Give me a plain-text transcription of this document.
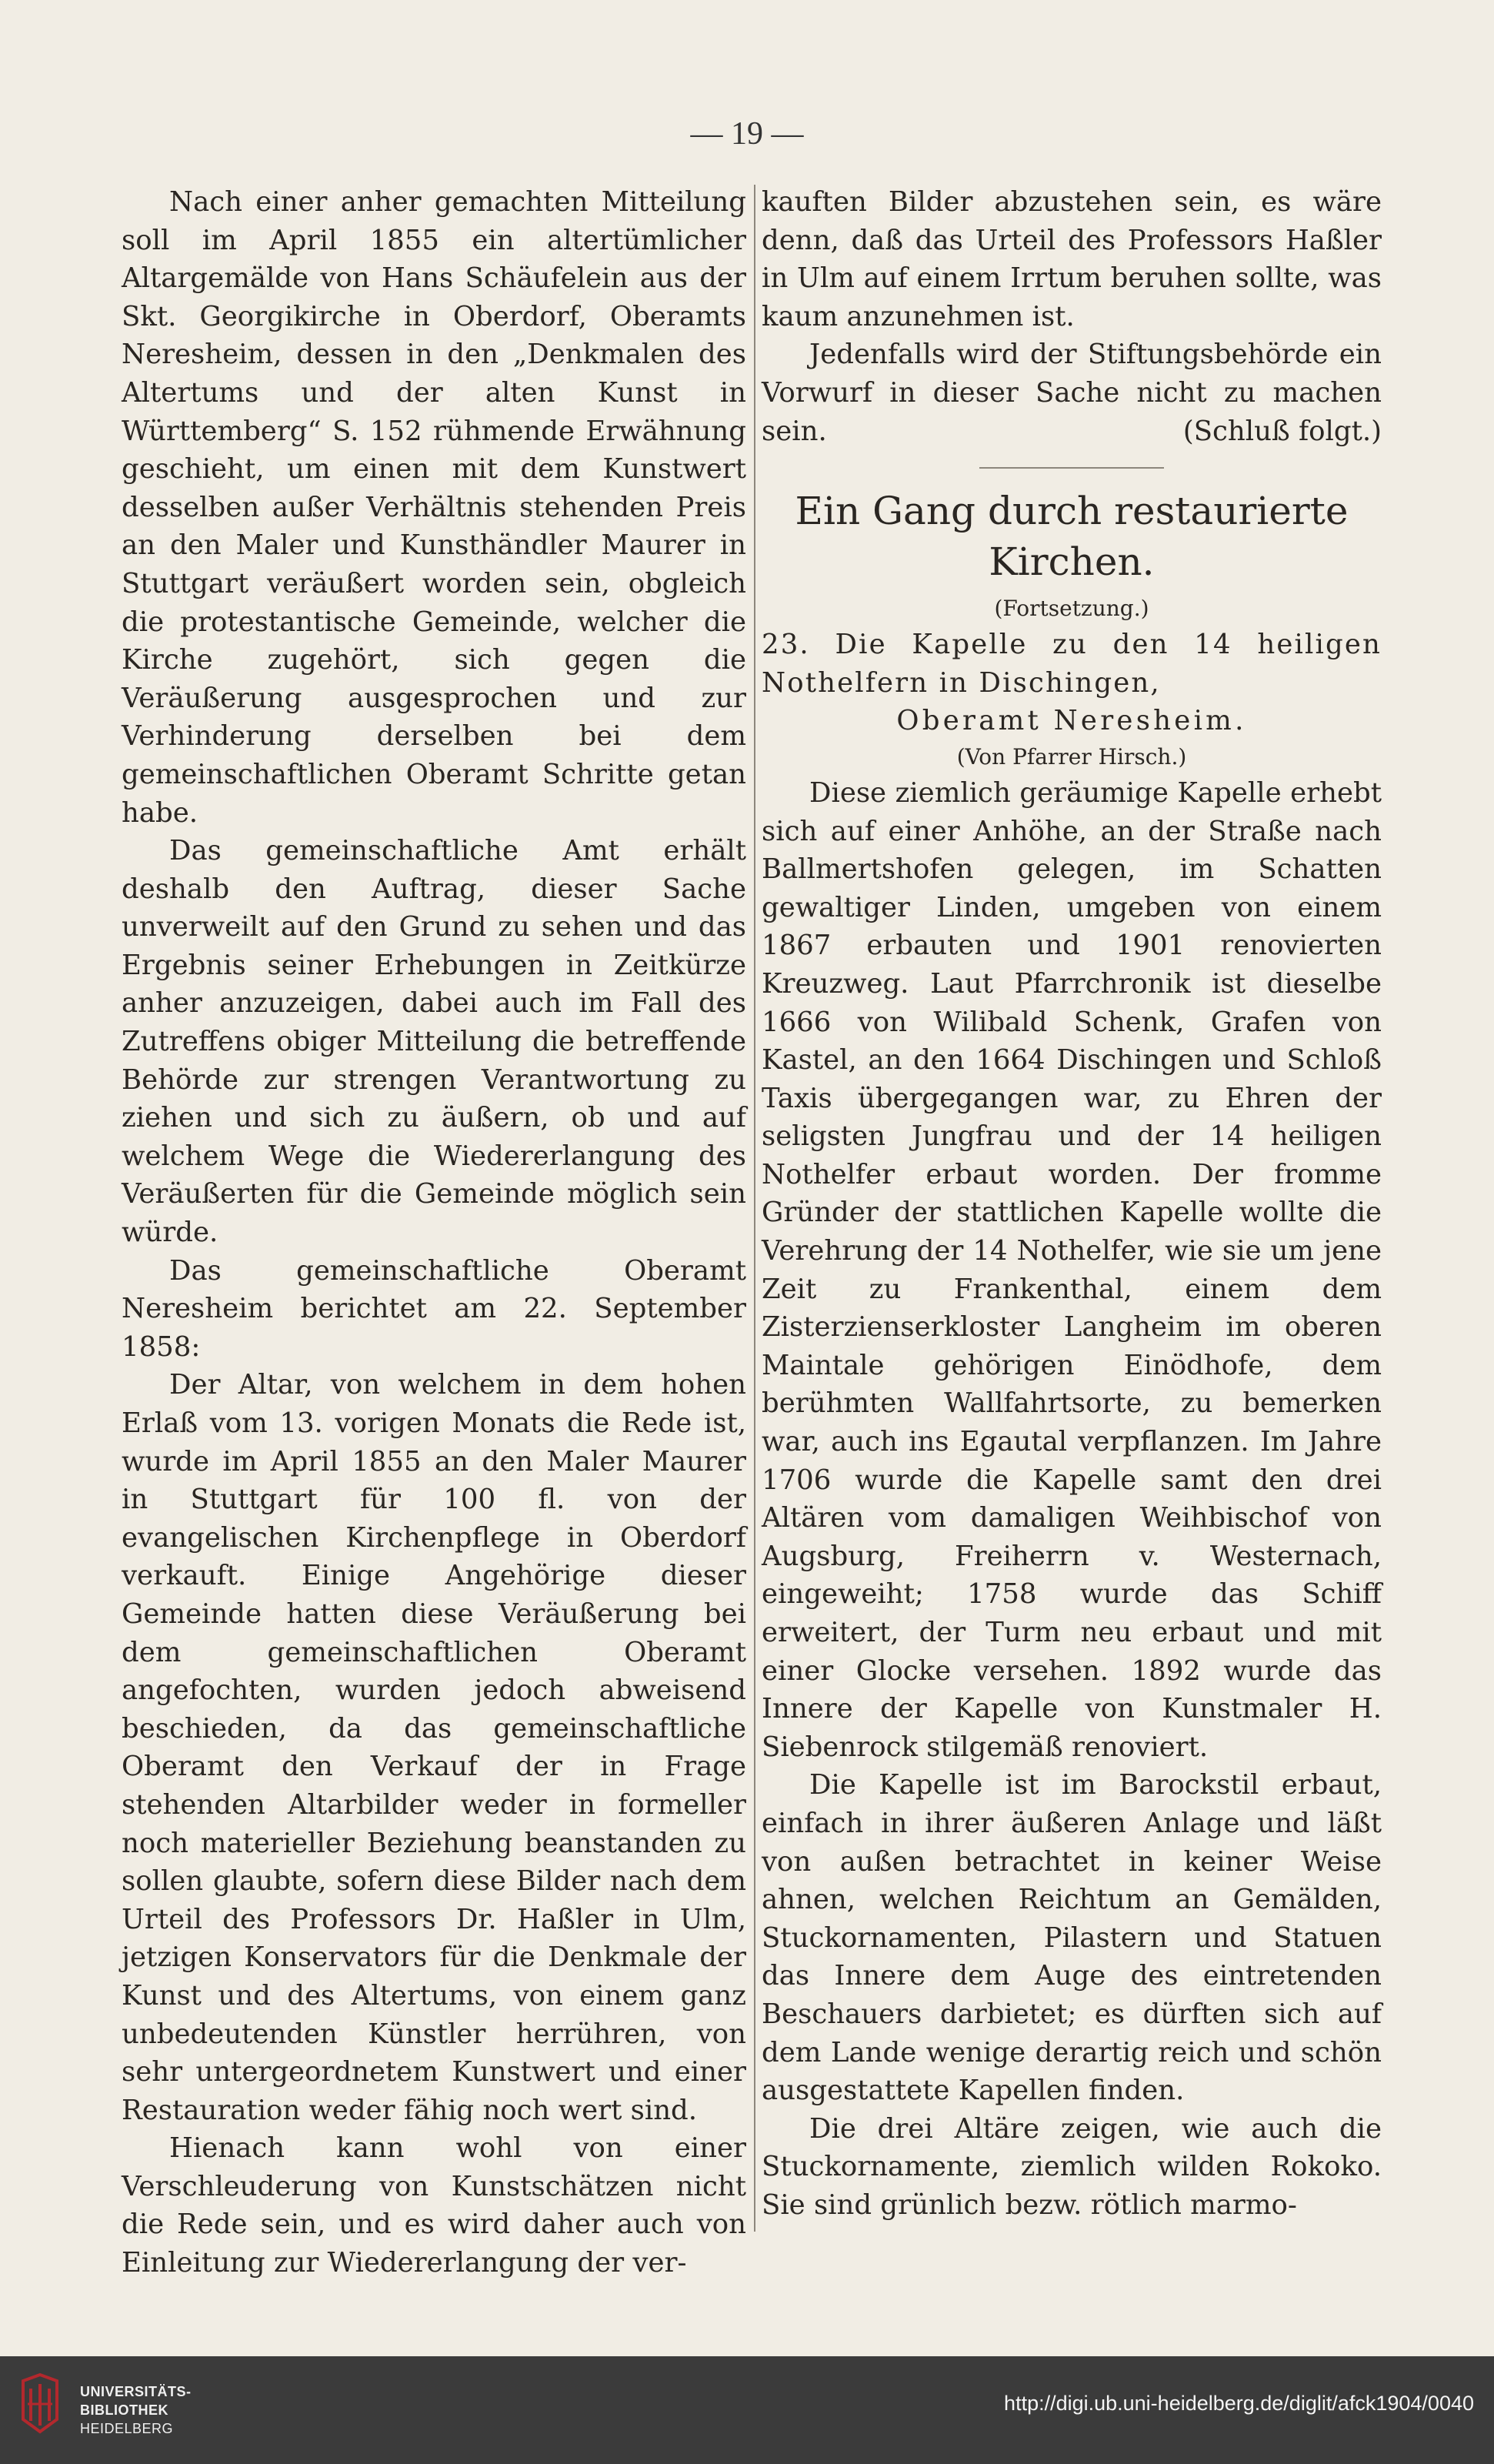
— 19 —

Nach einer anher gemachten Mitteilung soll im April 1855 ein altertümlicher Altargemälde von Hans Schäufelein aus der Skt. Georgikirche in Oberdorf, Oberamts Neresheim, dessen in den „Denkmalen des Altertums und der alten Kunst in Württemberg“ S. 152 rühmende Erwähnung geschieht, um einen mit dem Kunstwert desselben außer Verhältnis stehenden Preis an den Maler und Kunsthändler Maurer in Stuttgart veräußert worden sein, obgleich die protestantische Gemeinde, welcher die Kirche zugehört, sich gegen die Veräußerung ausgesprochen und zur Verhinderung derselben bei dem gemeinschaftlichen Oberamt Schritte getan habe.

Das gemeinschaftliche Amt erhält deshalb den Auftrag, dieser Sache unverweilt auf den Grund zu sehen und das Ergebnis seiner Erhebungen in Zeitkürze anher anzuzeigen, dabei auch im Fall des Zutreffens obiger Mitteilung die betreffende Behörde zur strengen Verantwortung zu ziehen und sich zu äußern, ob und auf welchem Wege die Wiedererlangung des Veräußerten für die Gemeinde möglich sein würde.

Das gemeinschaftliche Oberamt Neresheim berichtet am 22. September 1858:

Der Altar, von welchem in dem hohen Erlaß vom 13. vorigen Monats die Rede ist, wurde im April 1855 an den Maler Maurer in Stuttgart für 100 fl. von der evangelischen Kirchenpflege in Oberdorf verkauft. Einige Angehörige dieser Gemeinde hatten diese Veräußerung bei dem gemeinschaftlichen Oberamt angefochten, wurden jedoch abweisend beschieden, da das gemeinschaftliche Oberamt den Verkauf der in Frage stehenden Altarbilder weder in formeller noch materieller Beziehung beanstanden zu sollen glaubte, sofern diese Bilder nach dem Urteil des Professors Dr. Haßler in Ulm, jetzigen Konservators für die Denkmale der Kunst und des Altertums, von einem ganz unbedeutenden Künstler herrühren, von sehr untergeordnetem Kunstwert und einer Restauration weder fähig noch wert sind.

Hienach kann wohl von einer Verschleuderung von Kunstschätzen nicht die Rede sein, und es wird daher auch von Einleitung zur Wiedererlangung der ver-

kauften Bilder abzustehen sein, es wäre denn, daß das Urteil des Professors Haßler in Ulm auf einem Irrtum beruhen sollte, was kaum anzunehmen ist.

Jedenfalls wird der Stiftungsbehörde ein Vorwurf in dieser Sache nicht zu machen sein.	(Schluß folgt.)

Ein Gang durch restaurierte Kirchen.

(Fortsetzung.)

23. Die Kapelle zu den 14 heiligen Nothelfern in Dischingen,
Oberamt Neresheim.

(Von Pfarrer Hirsch.)

Diese ziemlich geräumige Kapelle erhebt sich auf einer Anhöhe, an der Straße nach Ballmertshofen gelegen, im Schatten gewaltiger Linden, umgeben von einem 1867 erbauten und 1901 renovierten Kreuzweg. Laut Pfarrchronik ist dieselbe 1666 von Wilibald Schenk, Grafen von Kastel, an den 1664 Dischingen und Schloß Taxis übergegangen war, zu Ehren der seligsten Jungfrau und der 14 heiligen Nothelfer erbaut worden. Der fromme Gründer der stattlichen Kapelle wollte die Verehrung der 14 Nothelfer, wie sie um jene Zeit zu Frankenthal, einem dem Zisterzienserkloster Langheim im oberen Maintale gehörigen Einödhofe, dem berühmten Wallfahrtsorte, zu bemerken war, auch ins Egautal verpflanzen. Im Jahre 1706 wurde die Kapelle samt den drei Altären vom damaligen Weihbischof von Augsburg, Freiherrn v. Westernach, eingeweiht; 1758 wurde das Schiff erweitert, der Turm neu erbaut und mit einer Glocke versehen. 1892 wurde das Innere der Kapelle von Kunstmaler H. Siebenrock stilgemäß renoviert.

Die Kapelle ist im Barockstil erbaut, einfach in ihrer äußeren Anlage und läßt von außen betrachtet in keiner Weise ahnen, welchen Reichtum an Gemälden, Stuckornamenten, Pilastern und Statuen das Innere dem Auge des eintretenden Beschauers darbietet; es dürften sich auf dem Lande wenige derartig reich und schön ausgestattete Kapellen finden.

Die drei Altäre zeigen, wie auch die Stuckornamente, ziemlich wilden Rokoko. Sie sind grünlich bezw. rötlich marmo-

UNIVERSITÄTS-
BIBLIOTHEK
HEIDELBERG
http://digi.ub.uni-heidelberg.de/diglit/afck1904/0040
